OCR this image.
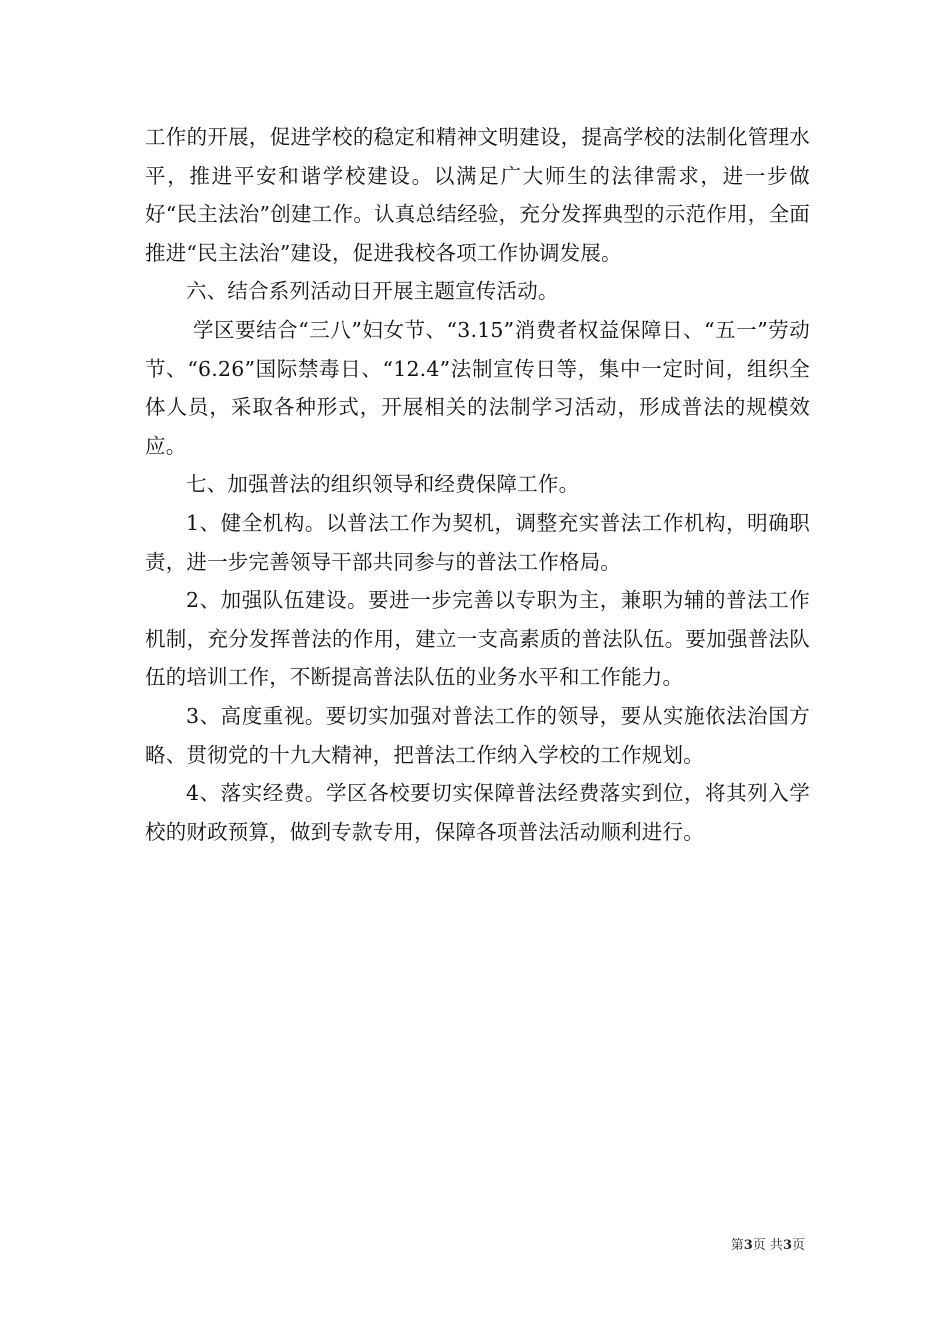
工作的开展，促进学校的稳定和精神文明建设，提高学校的法制化管理水平，推进平安和谐学校建设。以满足广大师生的法律需求，进一步做好“民主法治”创建工作。认真总结经验，充分发挥典型的示范作用，全面推进“民主法治”建设，促进我校各项工作协调发展。

六、结合系列活动日开展主题宣传活动。

学区要结合“三八”妇女节、“3.15”消费者权益保障日、“五一”劳动节、“6.26”国际禁毒日、“12.4”法制宣传日等，集中一定时间，组织全体人员，采取各种形式，开展相关的法制学习活动，形成普法的规模效应。

七、加强普法的组织领导和经费保障工作。

1、健全机构。以普法工作为契机，调整充实普法工作机构，明确职责，进一步完善领导干部共同参与的普法工作格局。

2、加强队伍建设。要进一步完善以专职为主，兼职为辅的普法工作机制，充分发挥普法的作用，建立一支高素质的普法队伍。要加强普法队伍的培训工作，不断提高普法队伍的业务水平和工作能力。

3、高度重视。要切实加强对普法工作的领导，要从实施依法治国方略、贯彻党的十九大精神，把普法工作纳入学校的工作规划。

4、落实经费。学区各校要切实保障普法经费落实到位，将其列入学校的财政预算，做到专款专用，保障各项普法活动顺利进行。

第3页 共3页
